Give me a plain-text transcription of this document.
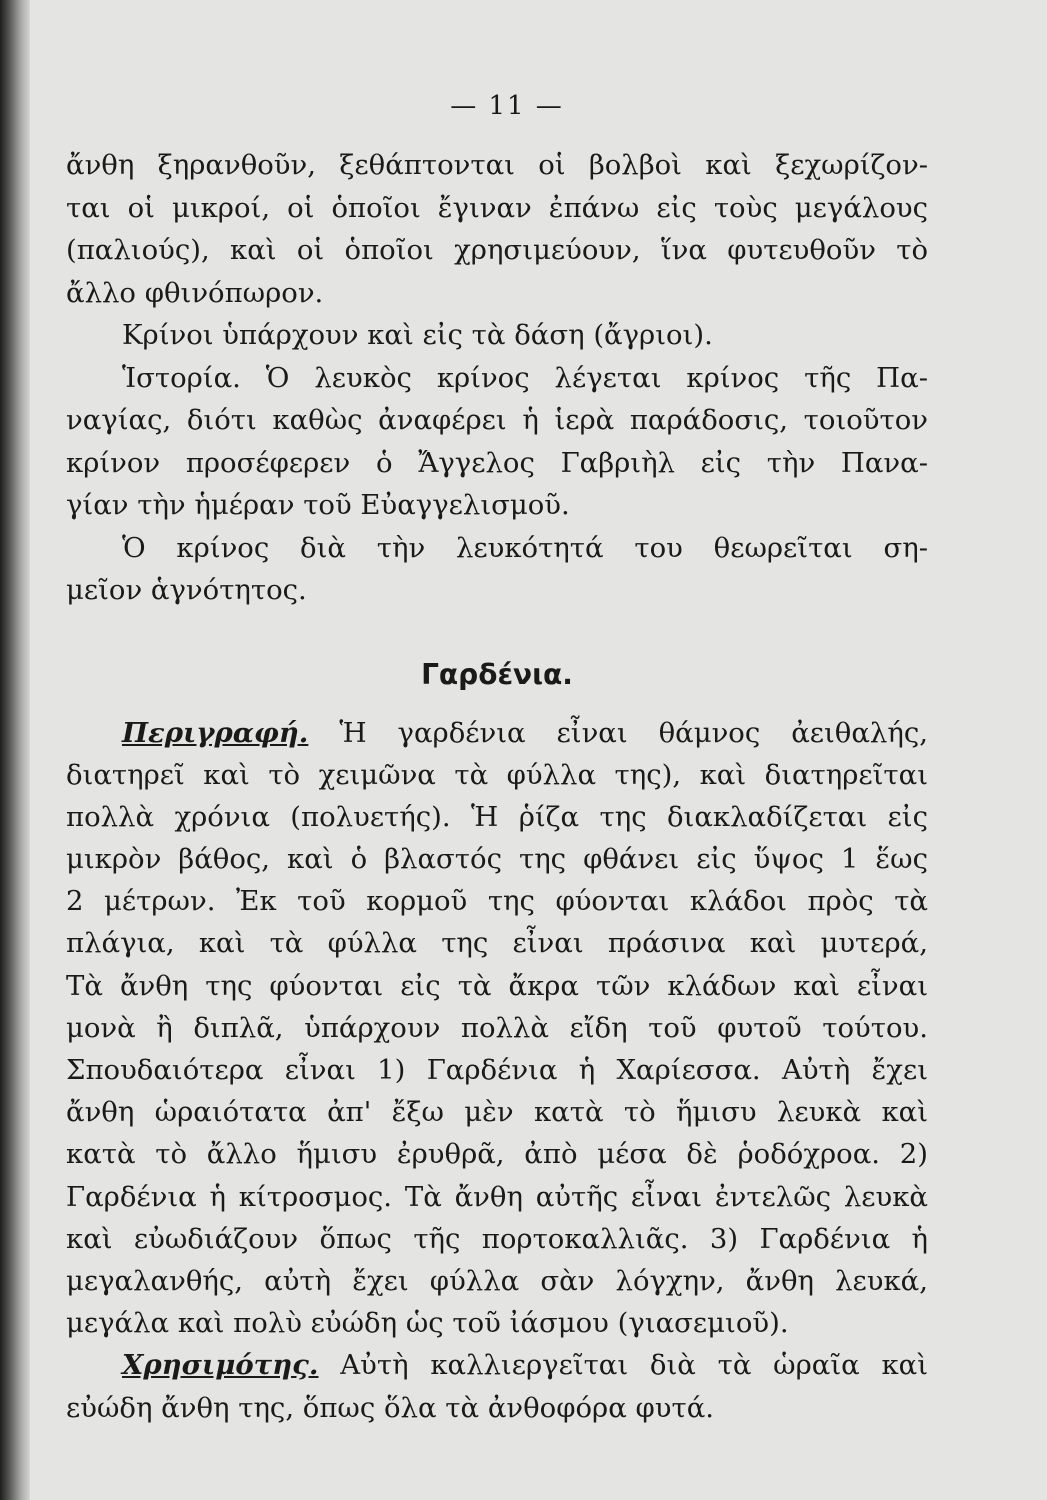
— 11 —
ἄνθη ξηρανθοῦν, ξεθάπτονται οἱ βολβοὶ καὶ ξεχωρίζον-
ται οἱ μικροί, οἱ ὁποῖοι ἔγιναν ἐπάνω εἰς τοὺς μεγάλους
(παλιούς), καὶ οἱ ὁποῖοι χρησιμεύουν, ἵνα φυτευθοῦν τὸ
ἄλλο φθινόπωρον.
Κρίνοι ὑπάρχουν καὶ εἰς τὰ δάση (ἄγριοι).
Ἱστορία. Ὁ λευκὸς κρίνος λέγεται κρίνος τῆς Πα-
ναγίας, διότι καθὼς ἀναφέρει ἡ ἱερὰ παράδοσις, τοιοῦτον
κρίνον προσέφερεν ὁ Ἄγγελος Γαβριὴλ εἰς τὴν Πανα-
γίαν τὴν ἡμέραν τοῦ Εὐαγγελισμοῦ.
Ὁ κρίνος διὰ τὴν λευκότητά του θεωρεῖται ση-
μεῖον ἁγνότητος.
Γαρδένια.
Περιγραφή. Ἡ γαρδένια εἶναι θάμνος ἀειθαλής,
διατηρεῖ καὶ τὸ χειμῶνα τὰ φύλλα της), καὶ διατηρεῖται
πολλὰ χρόνια (πολυετής). Ἡ ῥίζα της διακλαδίζεται εἰς
μικρὸν βάθος, καὶ ὁ βλαστός της φθάνει εἰς ὕψος 1 ἕως
2 μέτρων. Ἐκ τοῦ κορμοῦ της φύονται κλάδοι πρὸς τὰ
πλάγια, καὶ τὰ φύλλα της εἶναι πράσινα καὶ μυτερά,
Τὰ ἄνθη της φύονται εἰς τὰ ἄκρα τῶν κλάδων καὶ εἶναι
μονὰ ἢ διπλᾶ, ὑπάρχουν πολλὰ εἴδη τοῦ φυτοῦ τούτου.
Σπουδαιότερα εἶναι 1) Γαρδένια ἡ Χαρίεσσα. Αὐτὴ ἔχει
ἄνθη ὡραιότατα ἀπ' ἔξω μὲν κατὰ τὸ ἥμισυ λευκὰ καὶ
κατὰ τὸ ἄλλο ἥμισυ ἐρυθρᾶ, ἀπὸ μέσα δὲ ῥοδόχροα. 2)
Γαρδένια ἡ κίτροσμος. Τὰ ἄνθη αὐτῆς εἶναι ἐντελῶς λευκὰ
καὶ εὐωδιάζουν ὅπως τῆς πορτοκαλλιᾶς. 3) Γαρδένια ἡ
μεγαλανθής, αὐτὴ ἔχει φύλλα σὰν λόγχην, ἄνθη λευκά,
μεγάλα καὶ πολὺ εὐώδη ὡς τοῦ ἰάσμου (γιασεμιοῦ).
Χρησιμότης. Αὐτὴ καλλιεργεῖται διὰ τὰ ὡραῖα καὶ
εὐώδη ἄνθη της, ὅπως ὅλα τὰ ἀνθοφόρα φυτά.
